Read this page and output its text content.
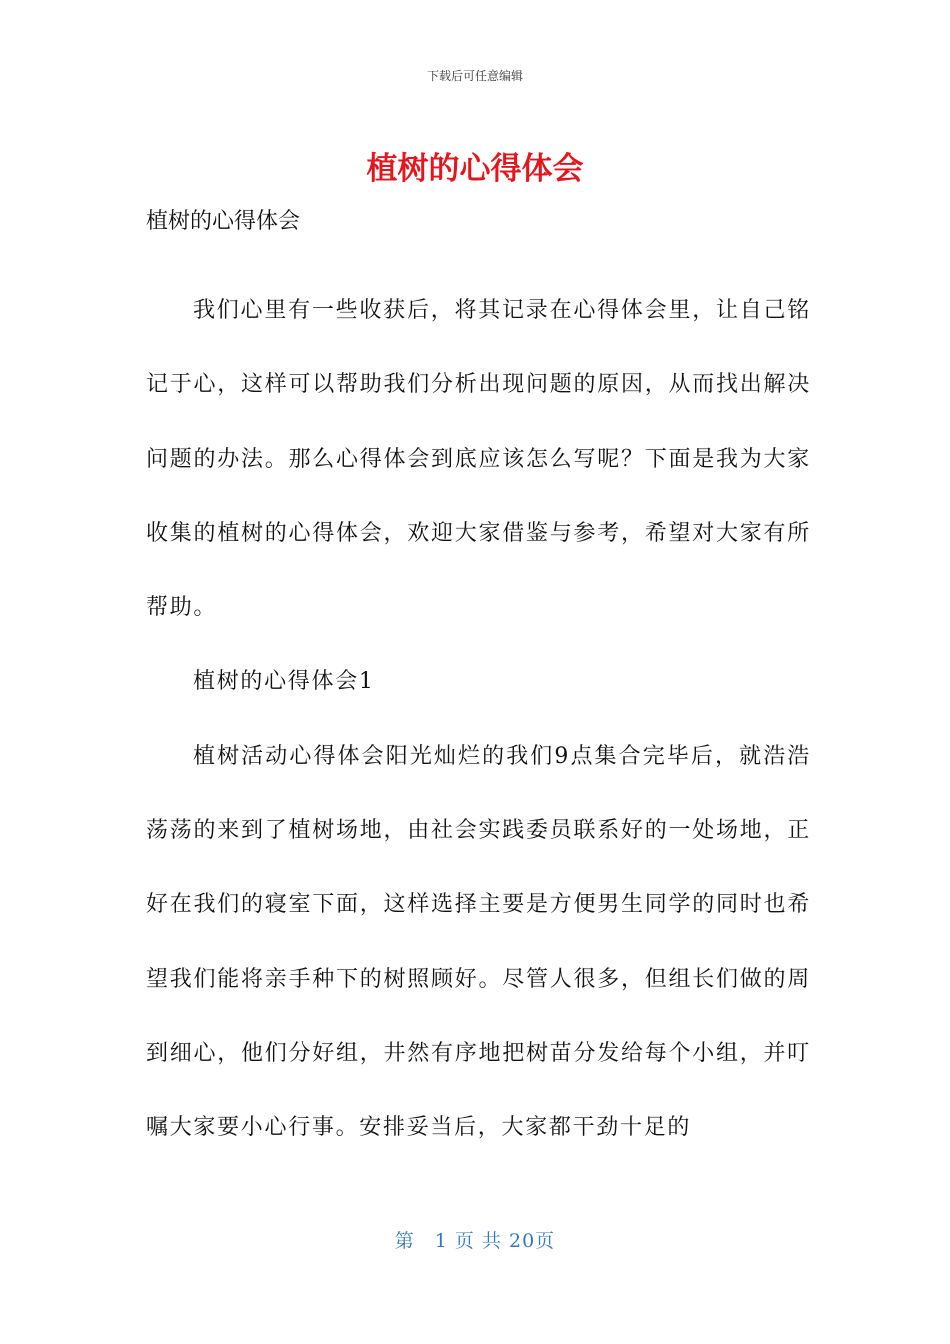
下载后可任意编辑
植树的心得体会

植树的心得体会

我们心里有一些收获后，将其记录在心得体会里，让自己铭记于心，这样可以帮助我们分析出现问题的原因，从而找出解决问题的办法。那么心得体会到底应该怎么写呢？下面是我为大家收集的植树的心得体会，欢迎大家借鉴与参考，希望对大家有所帮助。

植树的心得体会1

植树活动心得体会阳光灿烂的我们9点集合完毕后，就浩浩荡荡的来到了植树场地，由社会实践委员联系好的一处场地，正好在我们的寝室下面，这样选择主要是方便男生同学的同时也希望我们能将亲手种下的树照顾好。尽管人很多，但组长们做的周到细心，他们分好组，井然有序地把树苗分发给每个小组，并叮嘱大家要小心行事。安排妥当后，大家都干劲十足的

第　1 页 共 20页
